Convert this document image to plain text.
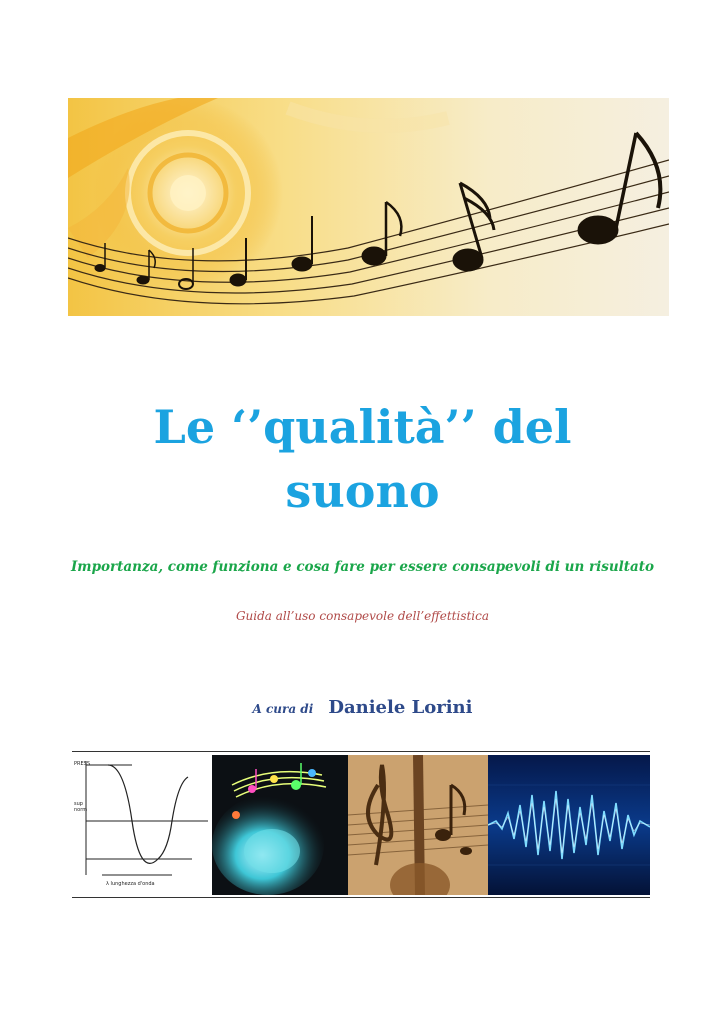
Le ‘’qualità’’ del
suono
Importanza, come funziona e cosa fare per essere consapevoli di un risultato
Guida all’uso consapevole dell’effettistica
A cura di Daniele Lorini
PRESS
sup
norm
λ lunghezza d'onda
